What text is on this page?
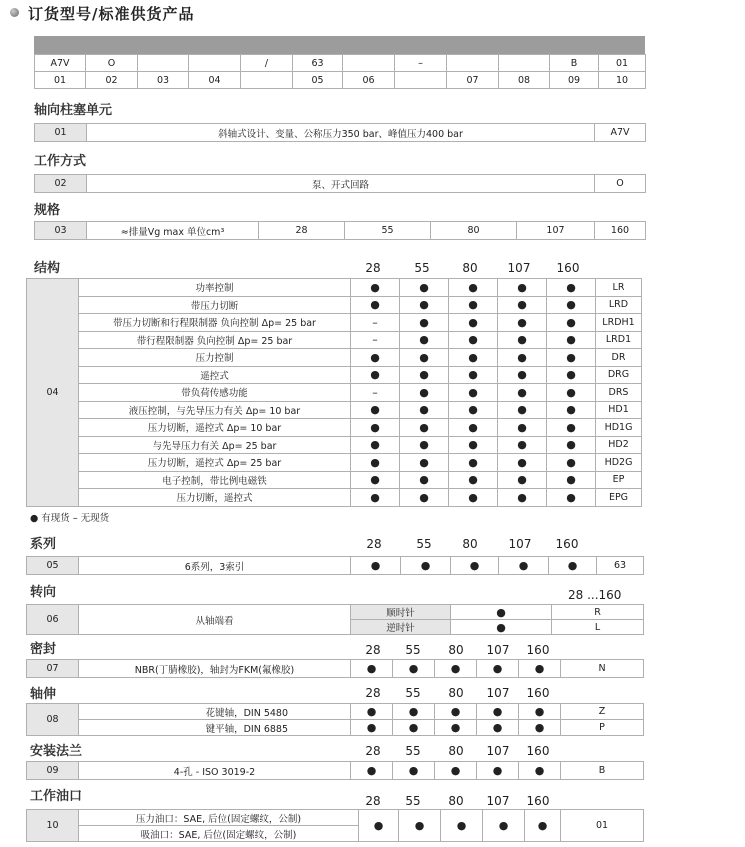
订货型号/标准供货产品
A7V	O			/	63		–			B	01
01	02	03	04		05	06		07	08	09	10
轴向柱塞单元
01	斜轴式设计、变量、公称压力350 bar、峰值压力400 bar	A7V
工作方式
02	泵、开式回路	O
规格
03	≈排量Vg max 单位cm³	28	55	80	107	160
结构	28	55	80 107 160
04	功率控制	●	●	●	●	●	LR
	带压力切断	●	●	●	●	●	LRD
	带压力切断和行程限制器 负向控制 Δp= 25 bar	–	●	●	●	●	LRDH1
	带行程限制器 负向控制 Δp= 25 bar	–	●	●	●	●	LRD1
	压力控制	●	●	●	●	●	DR
	遥控式	●	●	●	●	●	DRG
	带负荷传感功能	–	●	●	●	●	DRS
	液压控制，与先导压力有关 Δp= 10 bar	●	●	●	●	●	HD1
	压力切断，遥控式 Δp= 10 bar	●	●	●	●	●	HD1G
	与先导压力有关 Δp= 25 bar	●	●	●	●	●	HD2
	压力切断，遥控式 Δp= 25 bar	●	●	●	●	●	HD2G
	电子控制，带比例电磁铁	●	●	●	●	●	EP
	压力切断，遥控式	●	●	●	●	●	EPG
● 有现货 – 无现货
系列	28	55	80	107 160
05	6系列，3索引	●	●	●	●	●	63
转向	28 ...160
06	从轴端看	顺时针	●	R
		逆时针	●	L
密封	28 55 80 107 160
07	NBR(丁腈橡胶)，轴封为FKM(氟橡胶)	●	●	●	●	●	N
轴伸	28 55 80 107 160
08	花键轴，DIN 5480	●	●	●	●	●	Z
	键平轴，DIN 6885	●	●	●	●	●	P
安装法兰	28 55 80 107 160
09	4-孔 - ISO 3019-2	●	●	●	●	●	B
工作油口	28 55 80 107 160
10	压力油口：SAE, 后位(固定螺纹，公制)	●	●	●	●	●	01
吸油口：SAE, 后位(固定螺纹，公制)
